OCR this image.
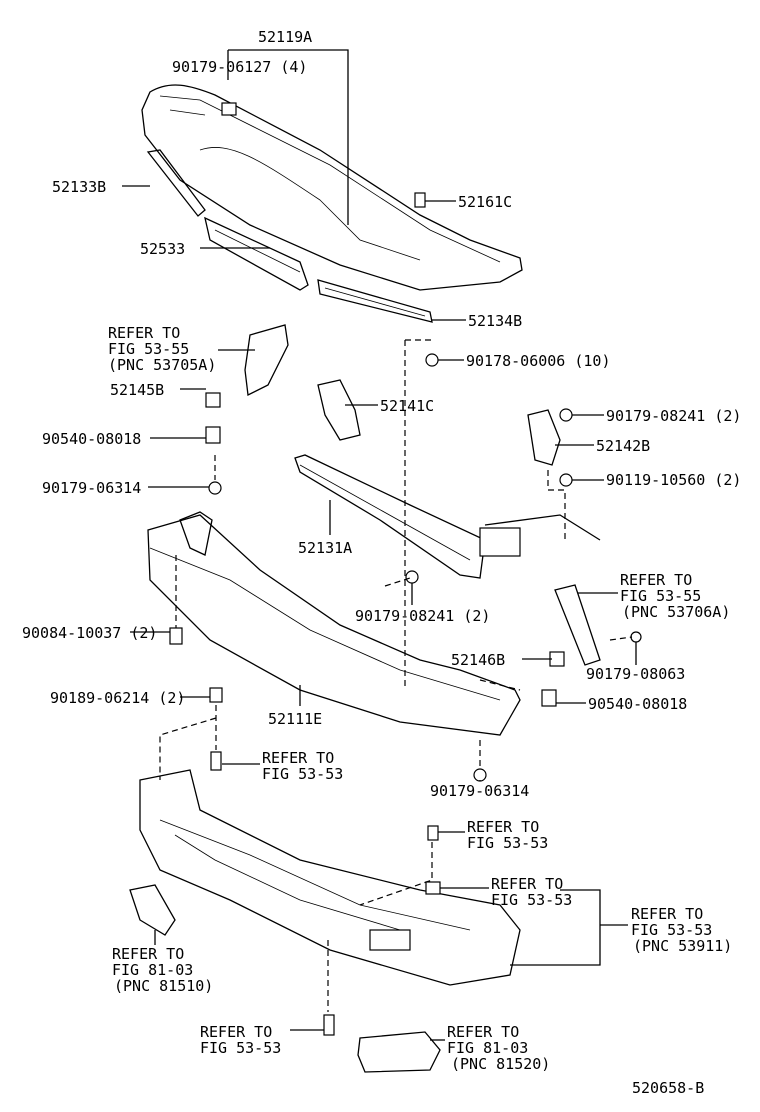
52119A
90179-06127 (4)
52133B
52161C
52533
52134B
REFER TO
FIG 53-55
(PNC 53705A)	90178-06006 (10)
52145B
52141C
90179-08241 (2)
90540-08018	52142B
90179-06314	90119-10560 (2)
52131A
REFER TO
FIG 53-55
(PNC 53706A)
90179-08241 (2)
90084-10037 (2)
52146B
90179-08063
90189-06214 (2)
52111E
90540-08018
REFER TO
FIG 53-53
90179-06314
REFER TO
FIG 53-53
REFER TO
FIG 53-53
REFER TO
FIG 53-53
(PNC 53911)
REFER TO
FIG 81-03
(PNC 81510)
REFER TO
FIG 53-53
REFER TO
FIG 81-03
(PNC 81520)
520658-B
